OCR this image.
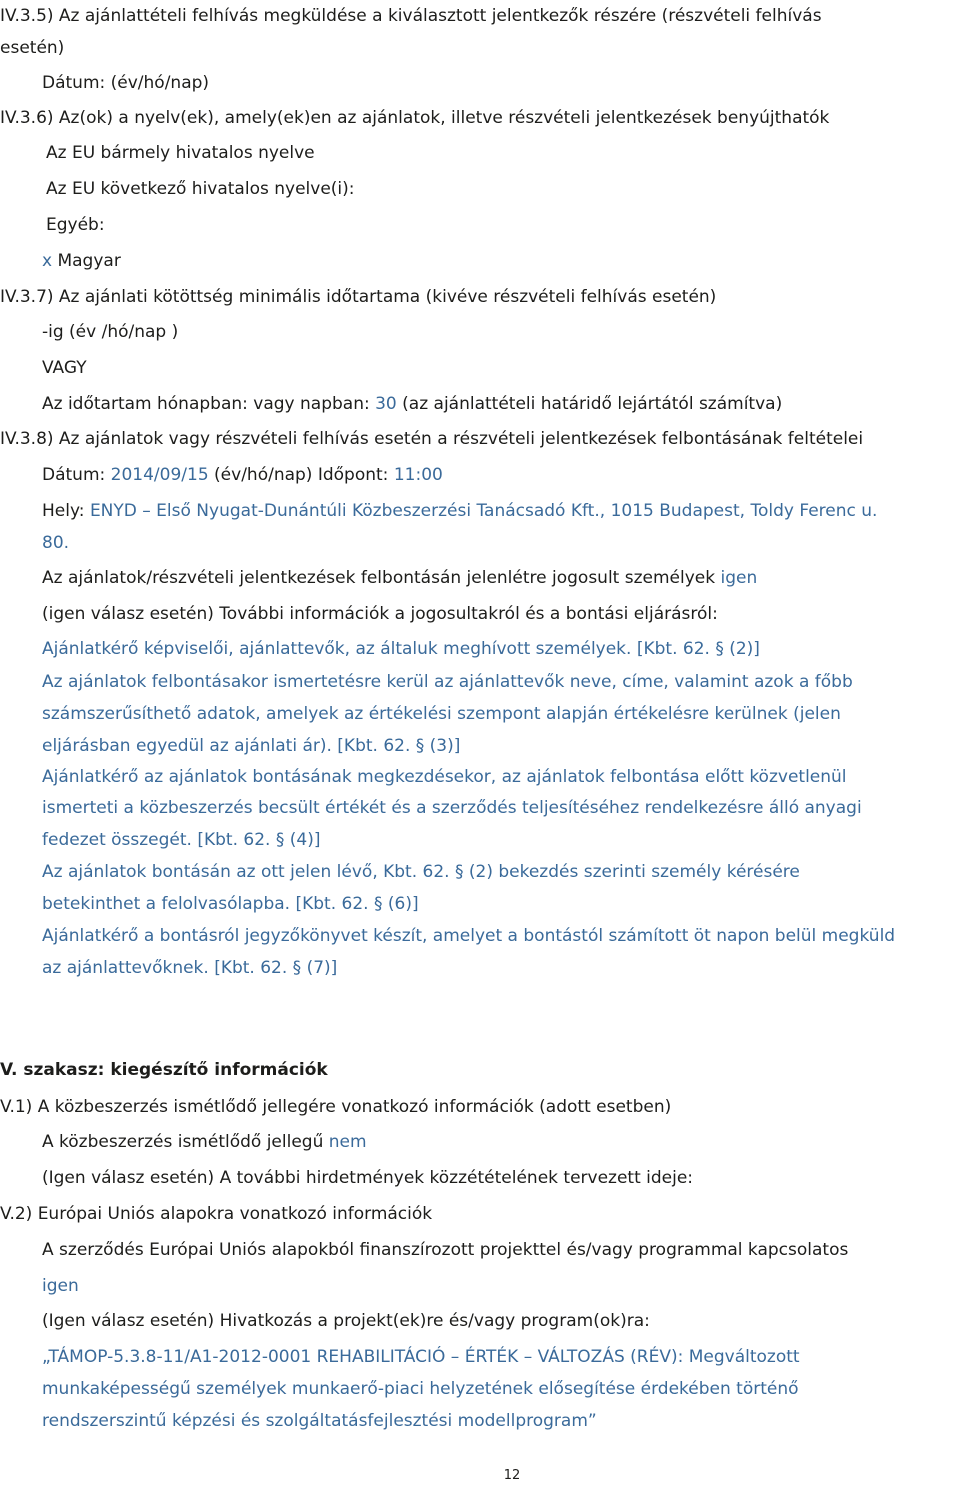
IV.3.5) Az ajánlattételi felhívás megküldése a kiválasztott jelentkezők részére (részvételi felhívás
esetén)
Dátum: (év/hó/nap)
IV.3.6) Az(ok) a nyelv(ek), amely(ek)en az ajánlatok, illetve részvételi jelentkezések benyújthatók
Az EU bármely hivatalos nyelve
Az EU következő hivatalos nyelve(i):
Egyéb:
x Magyar
IV.3.7) Az ajánlati kötöttség minimális időtartama (kivéve részvételi felhívás esetén)
-ig (év /hó/nap )
VAGY
Az időtartam hónapban: vagy napban: 30 (az ajánlattételi határidő lejártától számítva)
IV.3.8) Az ajánlatok vagy részvételi felhívás esetén a részvételi jelentkezések felbontásának feltételei
Dátum: 2014/09/15 (év/hó/nap) Időpont: 11:00
Hely: ENYD – Első Nyugat-Dunántúli Közbeszerzési Tanácsadó Kft., 1015 Budapest, Toldy Ferenc u.
80.
Az ajánlatok/részvételi jelentkezések felbontásán jelenlétre jogosult személyek igen
(igen válasz esetén) További információk a jogosultakról és a bontási eljárásról:
Ajánlatkérő képviselői, ajánlattevők, az általuk meghívott személyek. [Kbt. 62. § (2)]
Az ajánlatok felbontásakor ismertetésre kerül az ajánlattevők neve, címe, valamint azok a főbb
számszerűsíthető adatok, amelyek az értékelési szempont alapján értékelésre kerülnek (jelen
eljárásban egyedül az ajánlati ár). [Kbt. 62. § (3)]
Ajánlatkérő az ajánlatok bontásának megkezdésekor, az ajánlatok felbontása előtt közvetlenül
ismerteti a közbeszerzés becsült értékét és a szerződés teljesítéséhez rendelkezésre álló anyagi
fedezet összegét. [Kbt. 62. § (4)]
Az ajánlatok bontásán az ott jelen lévő, Kbt. 62. § (2) bekezdés szerinti személy kérésére
betekinthet a felolvasólapba. [Kbt. 62. § (6)]
Ajánlatkérő a bontásról jegyzőkönyvet készít, amelyet a bontástól számított öt napon belül megküld
az ajánlattevőknek. [Kbt. 62. § (7)]
V. szakasz: kiegészítő információk
V.1) A közbeszerzés ismétlődő jellegére vonatkozó információk (adott esetben)
A közbeszerzés ismétlődő jellegű nem
(Igen válasz esetén) A további hirdetmények közzétételének tervezett ideje:
V.2) Európai Uniós alapokra vonatkozó információk
A szerződés Európai Uniós alapokból finanszírozott projekttel és/vagy programmal kapcsolatos
igen
(Igen válasz esetén) Hivatkozás a projekt(ek)re és/vagy program(ok)ra:
„TÁMOP-5.3.8-11/A1-2012-0001 REHABILITÁCIÓ – ÉRTÉK – VÁLTOZÁS (RÉV): Megváltozott
munkaképességű személyek munkaerő-piaci helyzetének elősegítése érdekében történő
rendszerszintű képzési és szolgáltatásfejlesztési modellprogram”
12
